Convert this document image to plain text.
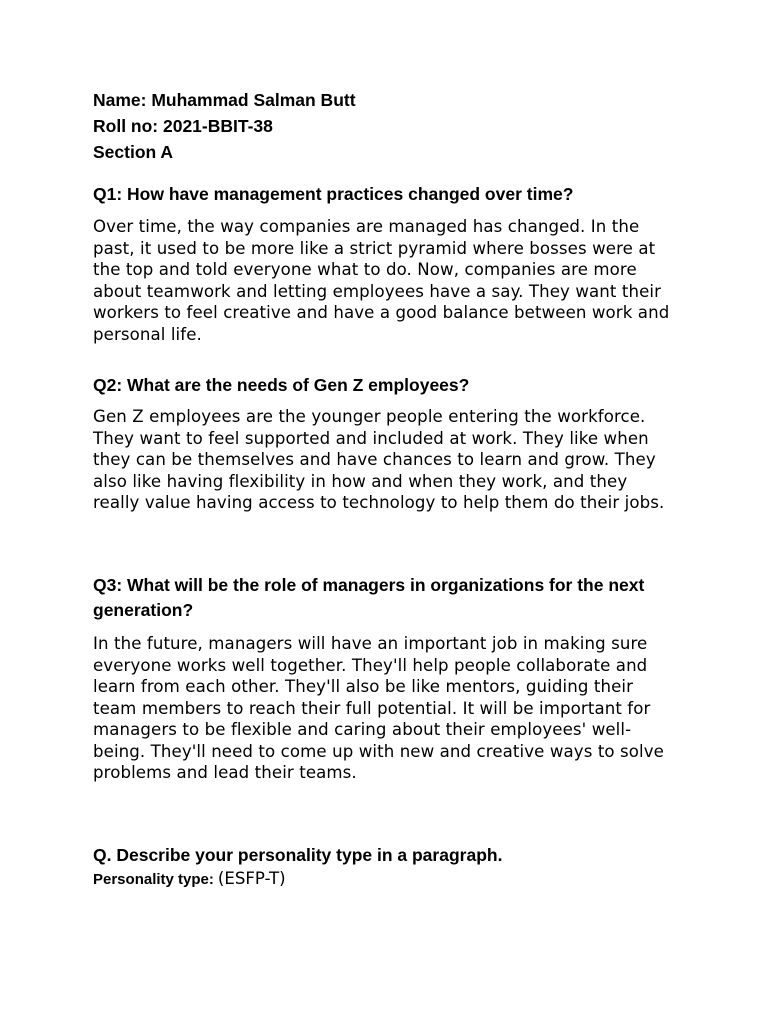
Name: Muhammad Salman Butt
Roll no: 2021-BBIT-38
Section A
Q1: How have management practices changed over time?
Over time, the way companies are managed has changed. In the past, it used to be more like a strict pyramid where bosses were at the top and told everyone what to do. Now, companies are more about teamwork and letting employees have a say. They want their workers to feel creative and have a good balance between work and personal life.
Q2: What are the needs of Gen Z employees?
Gen Z employees are the younger people entering the workforce. They want to feel supported and included at work. They like when they can be themselves and have chances to learn and grow. They also like having flexibility in how and when they work, and they really value having access to technology to help them do their jobs.
Q3: What will be the role of managers in organizations for the next generation?
In the future, managers will have an important job in making sure everyone works well together. They'll help people collaborate and learn from each other. They'll also be like mentors, guiding their team members to reach their full potential. It will be important for managers to be flexible and caring about their employees' well-being. They'll need to come up with new and creative ways to solve problems and lead their teams.
Q. Describe your personality type in a paragraph.
Personality type: (ESFP-T)
